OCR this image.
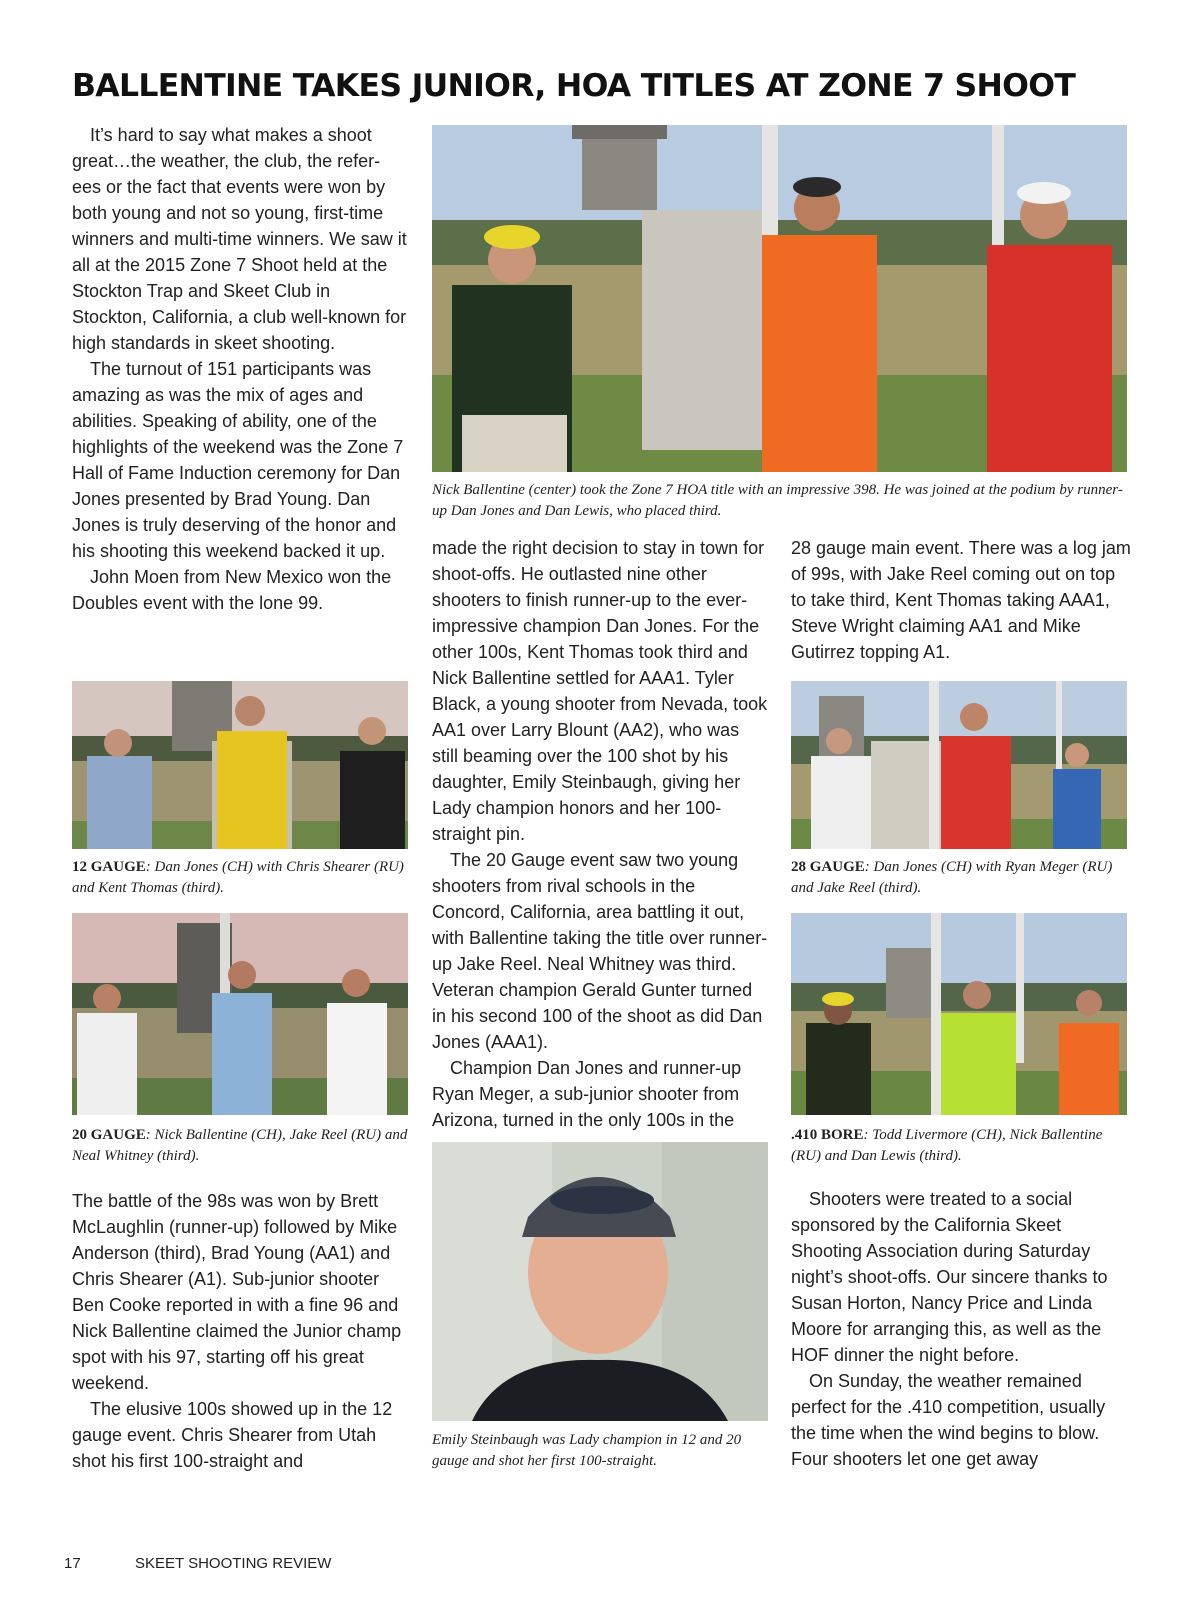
BALLENTINE TAKES JUNIOR, HOA TITLES AT ZONE 7 SHOOT

It’s hard to say what makes a shoot great…the weather, the club, the refer-ees or the fact that events were won by both young and not so young, first-time winners and multi-time winners. We saw it all at the 2015 Zone 7 Shoot held at the Stockton Trap and Skeet Club in Stockton, California, a club well-known for high standards in skeet shooting.

The turnout of 151 participants was amazing as was the mix of ages and abilities. Speaking of ability, one of the highlights of the weekend was the Zone 7 Hall of Fame Induction ceremony for Dan Jones presented by Brad Young. Dan Jones is truly deserving of the honor and his shooting this weekend backed it up.

John Moen from New Mexico won the Doubles event with the lone 99.

Nick Ballentine (center) took the Zone 7 HOA title with an impressive 398. He was joined at the podium by runner-up Dan Jones and Dan Lewis, who placed third.

made the right decision to stay in town for shoot-offs. He outlasted nine other shooters to finish runner-up to the ever-impressive champion Dan Jones. For the other 100s, Kent Thomas took third and Nick Ballentine settled for AAA1. Tyler Black, a young shooter from Nevada, took AA1 over Larry Blount (AA2), who was still beaming over the 100 shot by his daughter, Emily Steinbaugh, giving her Lady champion honors and her 100-straight pin.

The 20 Gauge event saw two young shooters from rival schools in the Concord, California, area battling it out, with Ballentine taking the title over runner-up Jake Reel. Neal Whitney was third. Veteran champion Gerald Gunter turned in his second 100 of the shoot as did Dan Jones (AAA1).

Champion Dan Jones and runner-up Ryan Meger, a sub-junior shooter from Arizona, turned in the only 100s in the

28 gauge main event. There was a log jam of 99s, with Jake Reel coming out on top to take third, Kent Thomas taking AAA1, Steve Wright claiming AA1 and Mike Gutirrez topping A1.

12 GAUGE: Dan Jones (CH) with Chris Shearer (RU) and Kent Thomas (third).
20 GAUGE: Nick Ballentine (CH), Jake Reel (RU) and Neal Whitney (third).

The battle of the 98s was won by Brett McLaughlin (runner-up) followed by Mike Anderson (third), Brad Young (AA1) and Chris Shearer (A1). Sub-junior shooter Ben Cooke reported in with a fine 96 and Nick Ballentine claimed the Junior champ spot with his 97, starting off his great weekend.

The elusive 100s showed up in the 12 gauge event. Chris Shearer from Utah shot his first 100-straight and

28 GAUGE: Dan Jones (CH) with Ryan Meger (RU) and Jake Reel (third).
.410 BORE: Todd Livermore (CH), Nick Ballentine (RU) and Dan Lewis (third).
Emily Steinbaugh was Lady champion in 12 and 20 gauge and shot her first 100-straight.

Shooters were treated to a social sponsored by the California Skeet Shooting Association during Saturday night’s shoot-offs. Our sincere thanks to Susan Horton, Nancy Price and Linda Moore for arranging this, as well as the HOF dinner the night before.

On Sunday, the weather remained perfect for the .410 competition, usually the time when the wind begins to blow. Four shooters let one get away

17	SKEET SHOOTING REVIEW
